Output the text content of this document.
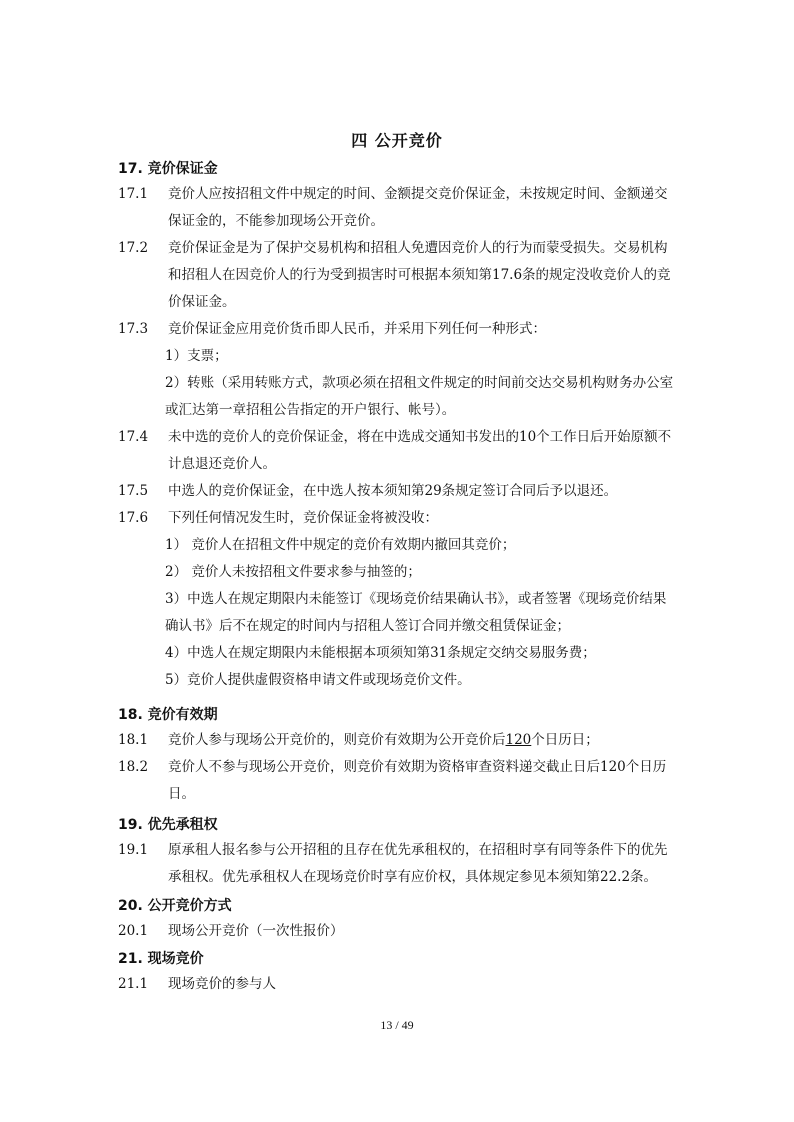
四 公开竞价
17. 竞价保证金
17.1	竞价人应按招租文件中规定的时间、金额提交竞价保证金，未按规定时间、金额递交保证金的，不能参加现场公开竞价。
17.2	竞价保证金是为了保护交易机构和招租人免遭因竞价人的行为而蒙受损失。交易机构和招租人在因竞价人的行为受到损害时可根据本须知第17.6条的规定没收竞价人的竞价保证金。
17.3	竞价保证金应用竞价货币即人民币，并采用下列任何一种形式：
1）支票；
2）转账（采用转账方式，款项必须在招租文件规定的时间前交达交易机构财务办公室或汇达第一章招租公告指定的开户银行、帐号）。
17.4	未中选的竞价人的竞价保证金，将在中选成交通知书发出的10个工作日后开始原额不计息退还竞价人。
17.5	中选人的竞价保证金，在中选人按本须知第29条规定签订合同后予以退还。
17.6	下列任何情况发生时，竞价保证金将被没收：
1） 竞价人在招租文件中规定的竞价有效期内撤回其竞价；
2） 竞价人未按招租文件要求参与抽签的；
3）中选人在规定期限内未能签订《现场竞价结果确认书》，或者签署《现场竞价结果确认书》后不在规定的时间内与招租人签订合同并缴交租赁保证金；
4）中选人在规定期限内未能根据本项须知第31条规定交纳交易服务费；
5）竞价人提供虚假资格申请文件或现场竞价文件。
18. 竞价有效期
18.1	竞价人参与现场公开竞价的，则竞价有效期为公开竞价后120个日历日；
18.2	竞价人不参与现场公开竞价，则竞价有效期为资格审查资料递交截止日后120个日历日。
19. 优先承租权
19.1	原承租人报名参与公开招租的且存在优先承租权的，在招租时享有同等条件下的优先承租权。优先承租权人在现场竞价时享有应价权，具体规定参见本须知第22.2条。
20. 公开竞价方式
20.1	现场公开竞价（一次性报价）
21. 现场竞价
21.1	现场竞价的参与人
13 / 49
